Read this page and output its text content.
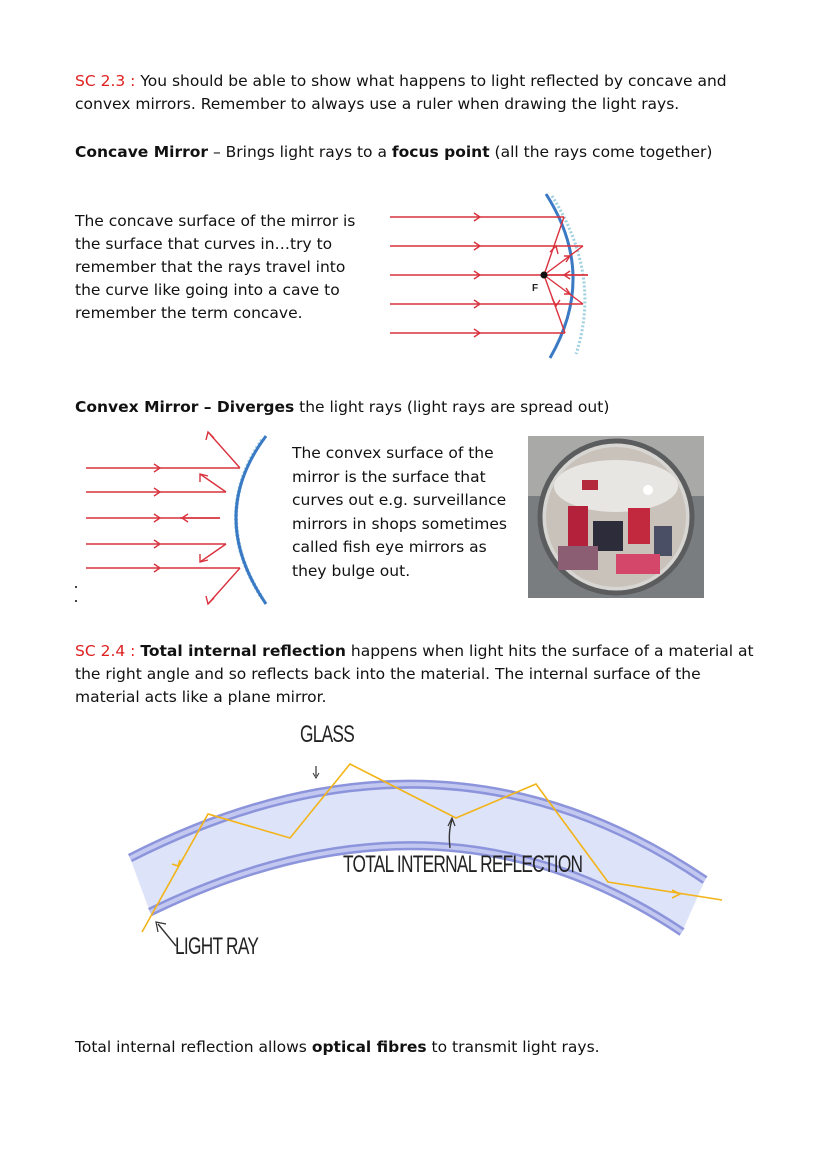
SC 2.3 : You should be able to show what happens to light reflected by concave and
convex mirrors. Remember to always use a ruler when drawing the light rays.
Concave Mirror – Brings light rays to a focus point (all the rays come together)
The concave surface of the mirror is
the surface that curves in…try to
remember that the rays travel into
the curve like going into a cave to
remember the term concave.
F
Convex Mirror – Diverges the light rays (light rays are spread out)
The convex surface of the
mirror is the surface that
curves out e.g. surveillance
mirrors in shops sometimes
called fish eye mirrors as
they bulge out.
SC 2.4 : Total internal reflection happens when light hits the surface of a material at
the right angle and so reflects back into the material. The internal surface of the
material acts like a plane mirror.
GLASS
TOTAL INTERNAL REFLECTION
LIGHT RAY
Total internal reflection allows optical fibres to transmit light rays.
